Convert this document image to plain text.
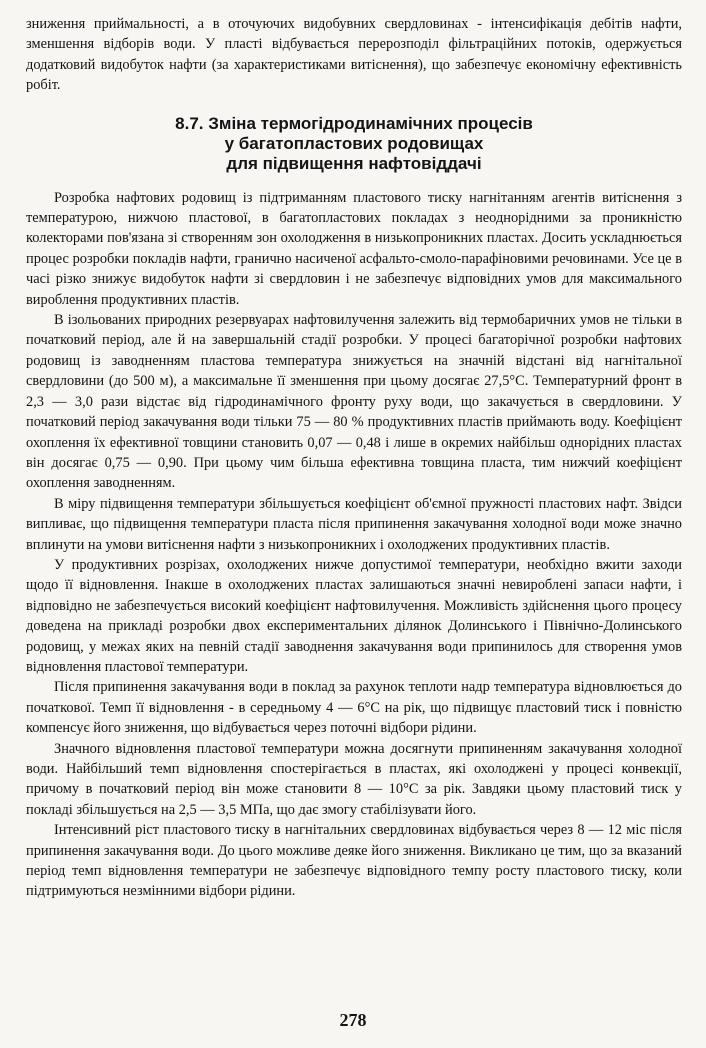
зниження приймальності, а в оточуючих видобувних свердловинах - інтенсифікація дебітів нафти, зменшення відборів води. У пласті відбувається перерозподіл фільтраційних потоків, одержується додатковий видобуток нафти (за характеристиками витіснення), що забезпечує економічну ефективність робіт.

8.7. Зміна термогідродинамічних процесів
у багатопластових родовищах
для підвищення нафтовіддачі

Розробка нафтових родовищ із підтриманням пластового тиску нагнітанням агентів витіснення з температурою, нижчою пластової, в багатопластових покладах з неоднорідними за проникністю колекторами пов'язана зі створенням зон охолодження в низькопроникних пластах. Досить ускладнюється процес розробки покладів нафти, гранично насиченої асфальто-смоло-парафіновими речовинами. Усе це в часі різко знижує видобуток нафти зі свердловин і не забезпечує відповідних умов для максимального вироблення продуктивних пластів.

В ізольованих природних резервуарах нафтовилучення залежить від термобаричних умов не тільки в початковий період, але й на завершальній стадії розробки. У процесі багаторічної розробки нафтових родовищ із заводненням пластова температура знижується на значній відстані від нагнітальної свердловини (до 500 м), а максимальне її зменшення при цьому досягає 27,5°С. Температурний фронт в 2,3 — 3,0 рази відстає від гідродинамічного фронту руху води, що закачується в свердловини. У початковий період закачування води тільки 75 — 80 % продуктивних пластів приймають воду. Коефіцієнт охоплення їх ефективної товщини становить 0,07 — 0,48 і лише в окремих найбільш однорідних пластах він досягає 0,75 — 0,90. При цьому чим більша ефективна товщина пласта, тим нижчий коефіцієнт охоплення заводненням.

В міру підвищення температури збільшується коефіцієнт об'ємної пружності пластових нафт. Звідси випливає, що підвищення температури пласта після припинення закачування холодної води може значно вплинути на умови витіснення нафти з низькопроникних і охолоджених продуктивних пластів.

У продуктивних розрізах, охолоджених нижче допустимої температури, необхідно вжити заходи щодо її відновлення. Інакше в охолоджених пластах залишаються значні невироблені запаси нафти, і відповідно не забезпечується високий коефіцієнт нафтовилучення. Можливість здійснення цього процесу доведена на прикладі розробки двох експериментальних ділянок Долинського і Північно-Долинського родовищ, у межах яких на певній стадії заводнення закачування води припинилось для створення умов відновлення пластової температури.

Після припинення закачування води в поклад за рахунок теплоти надр температура відновлюється до початкової. Темп її відновлення - в середньому 4 — 6°С на рік, що підвищує пластовий тиск і повністю компенсує його зниження, що відбувається через поточні відбори рідини.

Значного відновлення пластової температури можна досягнути припиненням закачування холодної води. Найбільший темп відновлення спостерігається в пластах, які охолоджені у процесі конвекції, причому в початковий період він може становити 8 — 10°С за рік. Завдяки цьому пластовий тиск у покладі збільшується на 2,5 — 3,5 МПа, що дає змогу стабілізувати його.

Інтенсивний ріст пластового тиску в нагнітальних свердловинах відбувається через 8 — 12 міс після припинення закачування води. До цього можливе деяке його зниження. Викликано це тим, що за вказаний період темп відновлення температури не забезпечує відповідного темпу росту пластового тиску, коли підтримуються незмінними відбори рідини.

278
